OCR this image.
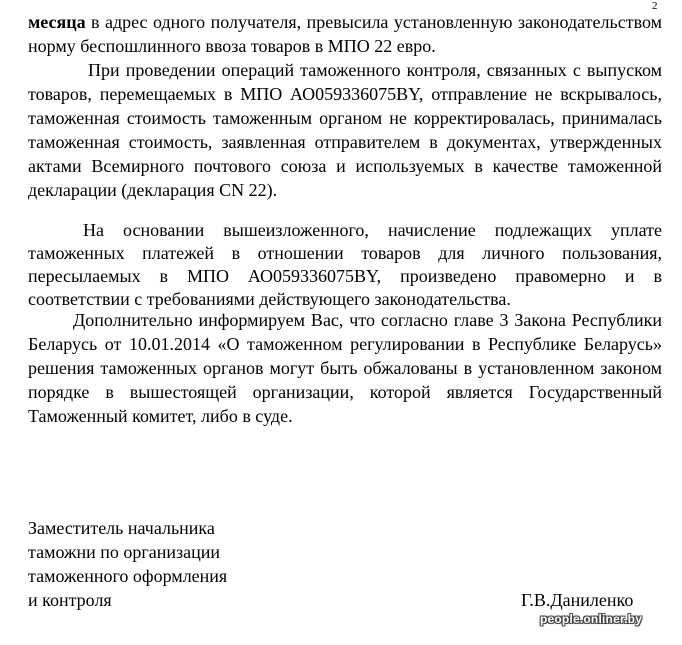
2

месяца в адрес одного получателя, превысила установленную законодательством норму беспошлинного ввоза товаров в МПО 22 евро.

При проведении операций таможенного контроля, связанных с выпуском товаров, перемещаемых в МПО АО059336075BY, отправление не вскрывалось, таможенная стоимость таможенным органом не корректировалась, принималась таможенная стоимость, заявленная отправителем в документах, утвержденных актами Всемирного почтового союза и используемых в качестве таможенной декларации (декларация CN 22).

На основании вышеизложенного, начисление подлежащих уплате таможенных платежей в отношении товаров для личного пользования, пересылаемых в МПО АО059336075BY, произведено правомерно и в соответствии с требованиями действующего законодательства.

Дополнительно информируем Вас, что согласно главе 3 Закона Республики Беларусь от 10.01.2014 «О таможенном регулировании в Республике Беларусь» решения таможенных органов могут быть обжалованы в установленном законом порядке в вышестоящей организации, которой является Государственный Таможенный комитет, либо в суде.

Заместитель начальника
таможни по организации
таможенного оформления
и контроля	Г.В.Даниленко
people.onliner.by
